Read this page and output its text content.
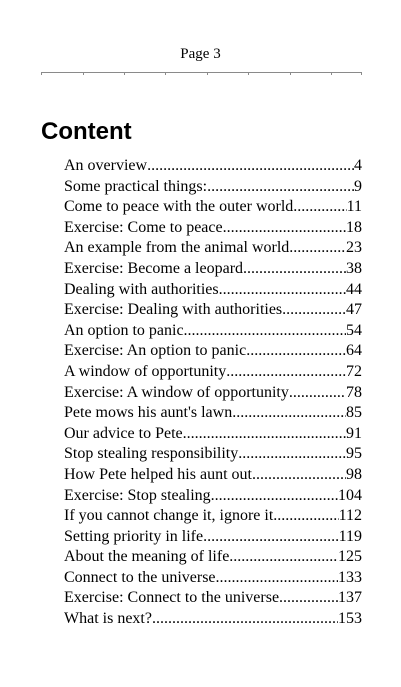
Page 3
Content
An overview .....	4
Some practical things: .....	9
Come to peace with the outer world .....	11
Exercise: Come to peace .....	18
An example from the animal world .....	23
Exercise: Become a leopard .....	38
Dealing with authorities .....	44
Exercise: Dealing with authorities .....	47
An option to panic .....	54
Exercise: An option to panic .....	64
A window of opportunity .....	72
Exercise: A window of opportunity .....	78
Pete mows his aunt's lawn .....	85
Our advice to Pete .....	91
Stop stealing responsibility .....	95
How Pete helped his aunt out .....	98
Exercise: Stop stealing .....	104
If you cannot change it, ignore it .....	112
Setting priority in life .....	119
About the meaning of life .....	125
Connect to the universe .....	133
Exercise: Connect to the universe .....	137
What is next? .....	153
